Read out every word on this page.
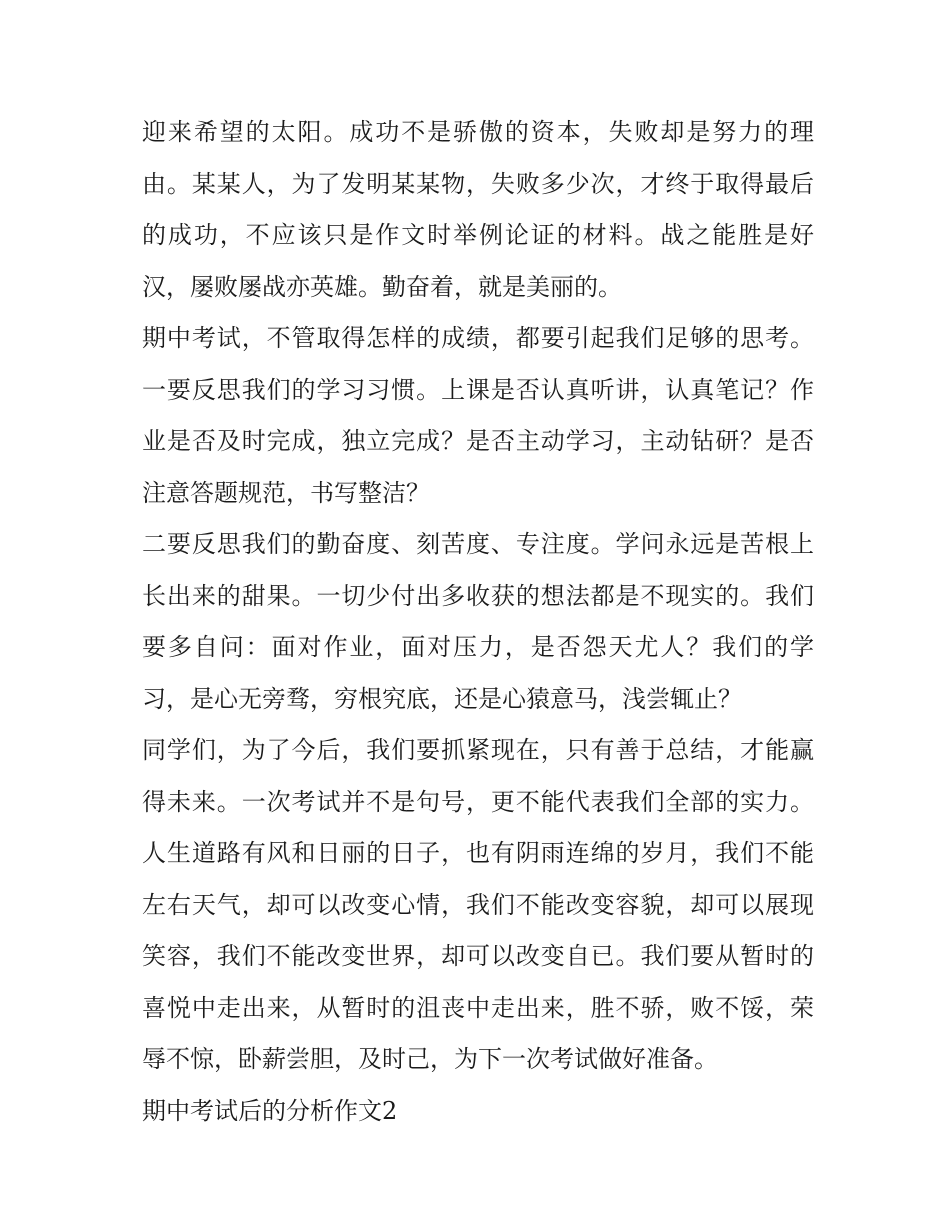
迎来希望的太阳。成功不是骄傲的资本，失败却是努力的理
由。某某人，为了发明某某物，失败多少次，才终于取得最后
的成功，不应该只是作文时举例论证的材料。战之能胜是好
汉，屡败屡战亦英雄。勤奋着，就是美丽的。
期中考试，不管取得怎样的成绩，都要引起我们足够的思考。
一要反思我们的学习习惯。上课是否认真听讲，认真笔记？作
业是否及时完成，独立完成？是否主动学习，主动钻研？是否
注意答题规范，书写整洁？
二要反思我们的勤奋度、刻苦度、专注度。学问永远是苦根上
长出来的甜果。一切少付出多收获的想法都是不现实的。我们
要多自问：面对作业，面对压力，是否怨天尤人？我们的学
习，是心无旁骛，穷根究底，还是心猿意马，浅尝辄止？
同学们，为了今后，我们要抓紧现在，只有善于总结，才能赢
得未来。一次考试并不是句号，更不能代表我们全部的实力。
人生道路有风和日丽的日子，也有阴雨连绵的岁月，我们不能
左右天气，却可以改变心情，我们不能改变容貌，却可以展现
笑容，我们不能改变世界，却可以改变自已。我们要从暂时的
喜悦中走出来，从暂时的沮丧中走出来，胜不骄，败不馁，荣
辱不惊，卧薪尝胆，及时己，为下一次考试做好准备。
期中考试后的分析作文2
